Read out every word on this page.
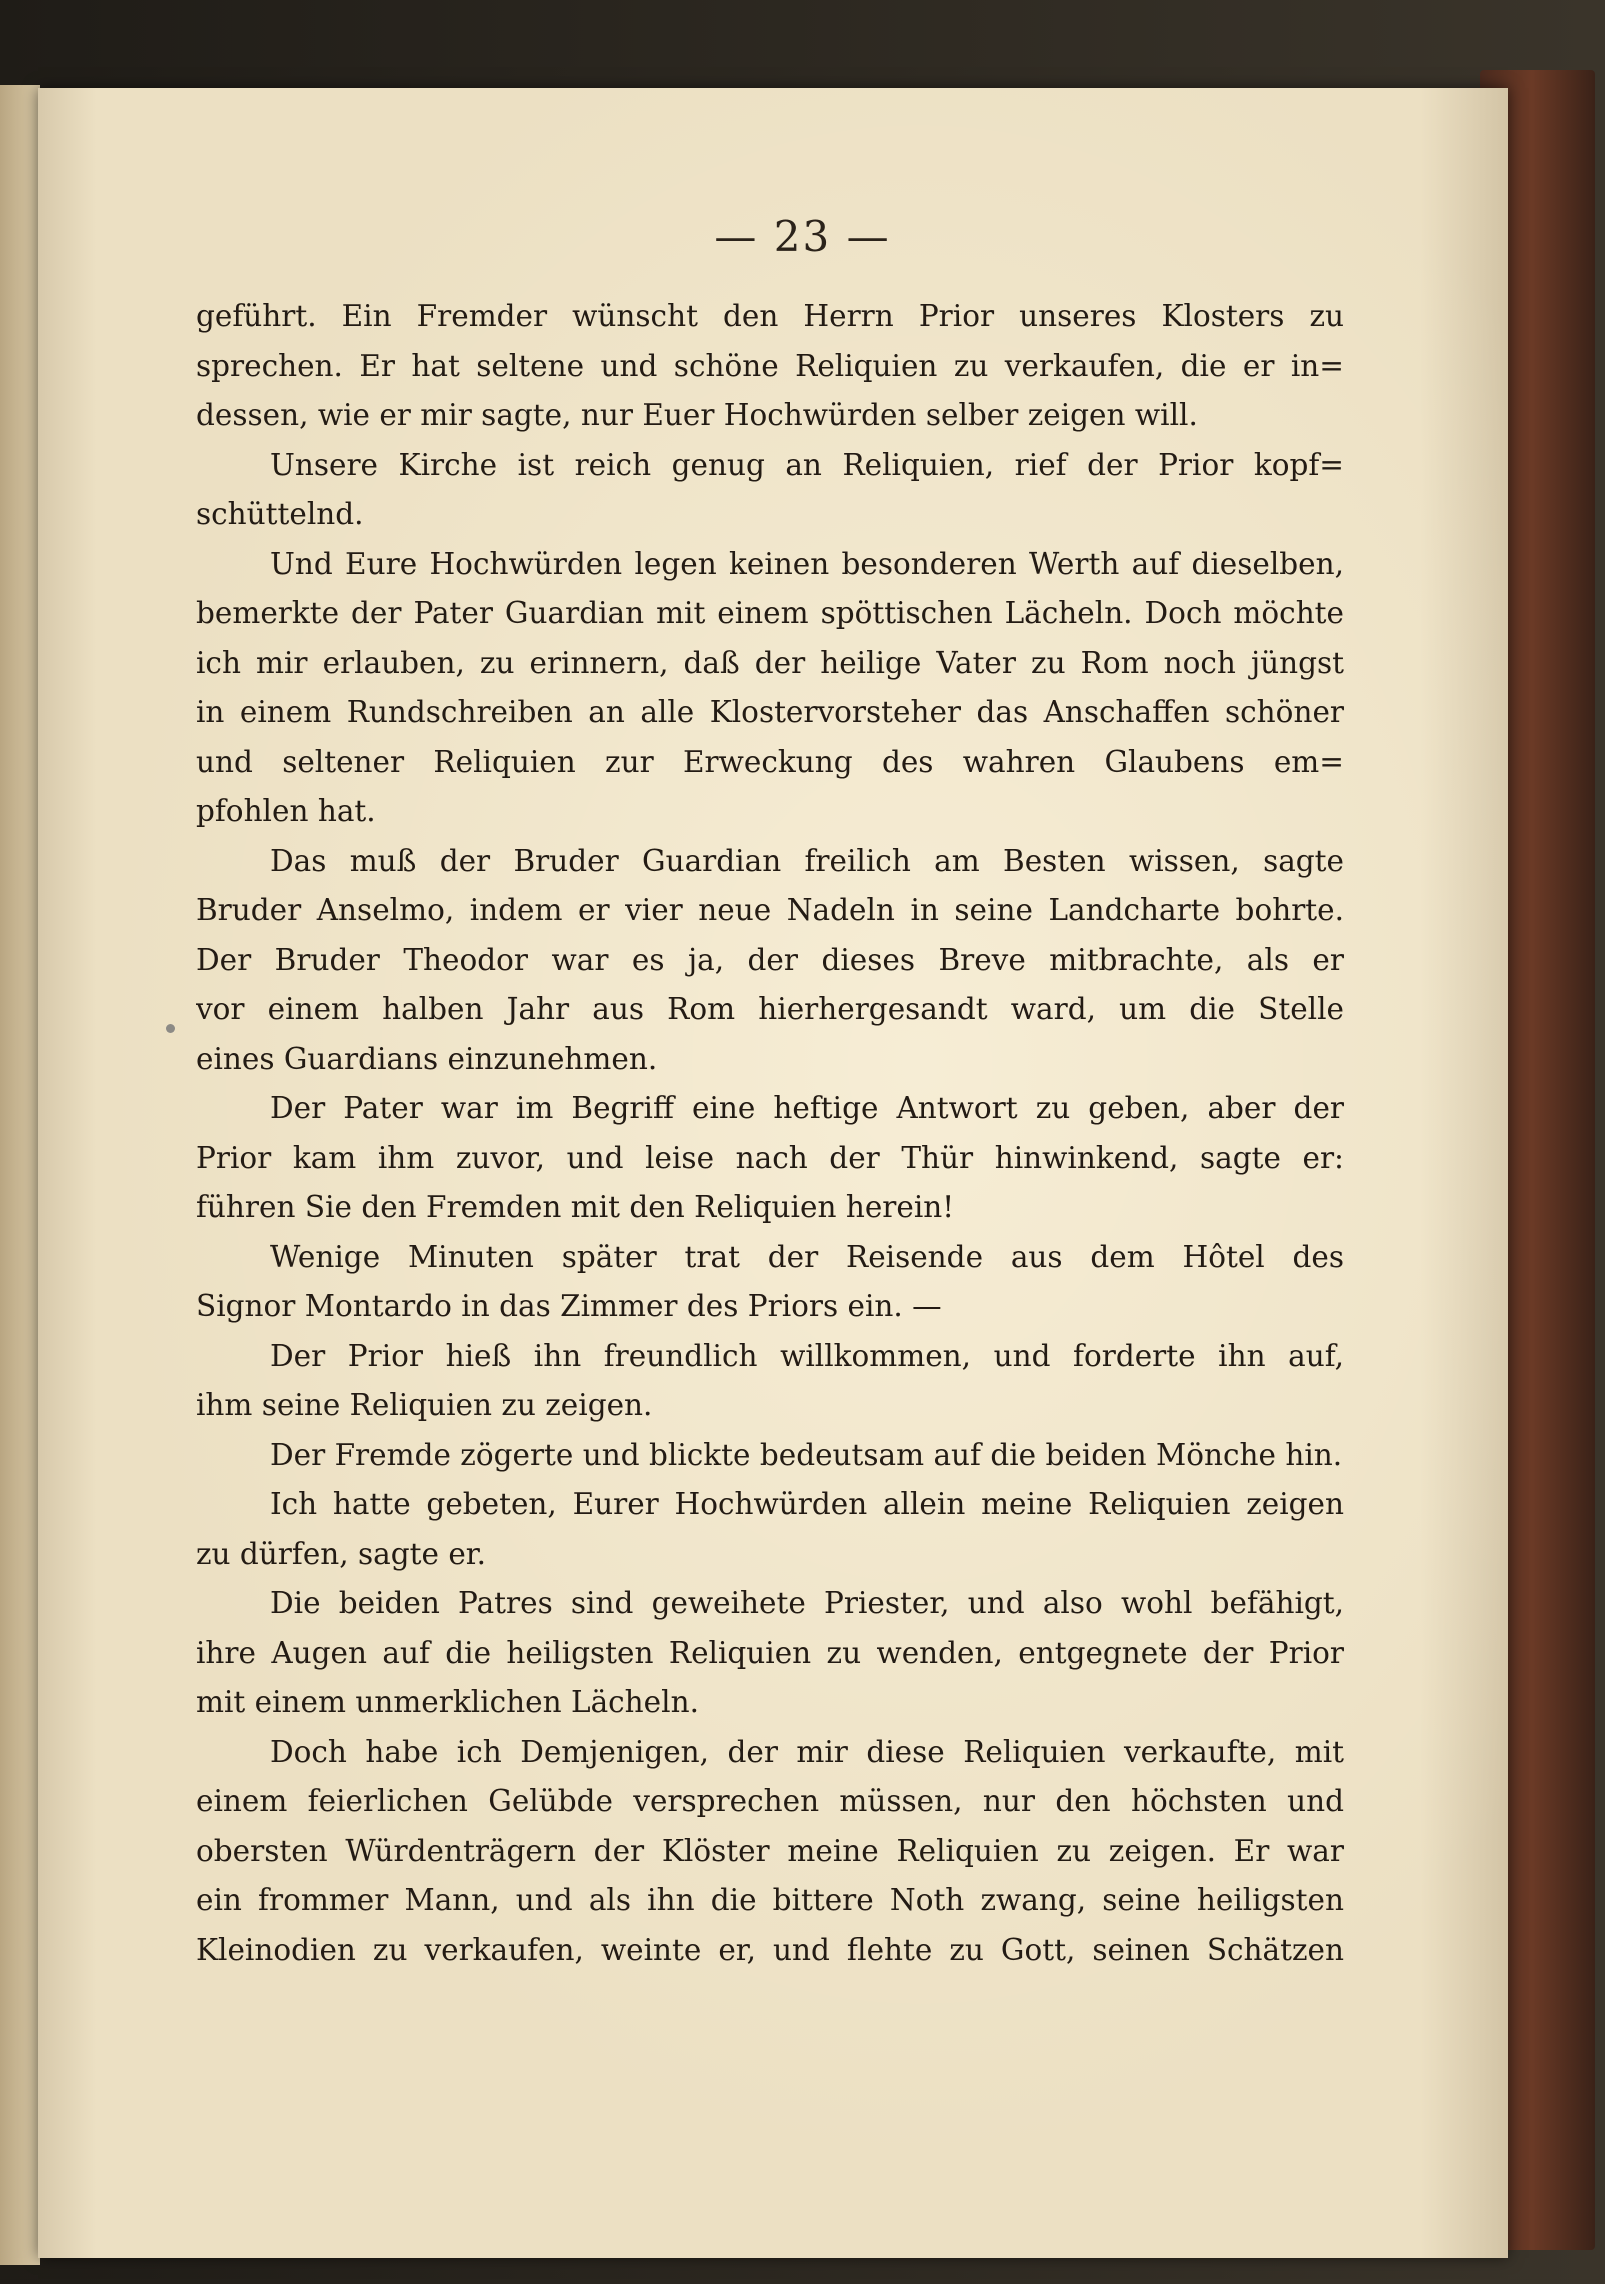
— 23 —
geführt. Ein Fremder wünscht den Herrn Prior unseres Klosters zu
sprechen. Er hat seltene und schöne Reliquien zu verkaufen, die er in=
dessen, wie er mir sagte, nur Euer Hochwürden selber zeigen will.
Unsere Kirche ist reich genug an Reliquien, rief der Prior kopf=
schüttelnd.
Und Eure Hochwürden legen keinen besonderen Werth auf dieselben,
bemerkte der Pater Guardian mit einem spöttischen Lächeln. Doch möchte
ich mir erlauben, zu erinnern, daß der heilige Vater zu Rom noch jüngst
in einem Rundschreiben an alle Klostervorsteher das Anschaffen schöner
und seltener Reliquien zur Erweckung des wahren Glaubens em=
pfohlen hat.
Das muß der Bruder Guardian freilich am Besten wissen, sagte
Bruder Anselmo, indem er vier neue Nadeln in seine Landcharte bohrte.
Der Bruder Theodor war es ja, der dieses Breve mitbrachte, als er
vor einem halben Jahr aus Rom hierhergesandt ward, um die Stelle
eines Guardians einzunehmen.
Der Pater war im Begriff eine heftige Antwort zu geben, aber der
Prior kam ihm zuvor, und leise nach der Thür hinwinkend, sagte er:
führen Sie den Fremden mit den Reliquien herein!
Wenige Minuten später trat der Reisende aus dem Hôtel des
Signor Montardo in das Zimmer des Priors ein. —
Der Prior hieß ihn freundlich willkommen, und forderte ihn auf,
ihm seine Reliquien zu zeigen.
Der Fremde zögerte und blickte bedeutsam auf die beiden Mönche hin.
Ich hatte gebeten, Eurer Hochwürden allein meine Reliquien zeigen
zu dürfen, sagte er.
Die beiden Patres sind geweihete Priester, und also wohl befähigt,
ihre Augen auf die heiligsten Reliquien zu wenden, entgegnete der Prior
mit einem unmerklichen Lächeln.
Doch habe ich Demjenigen, der mir diese Reliquien verkaufte, mit
einem feierlichen Gelübde versprechen müssen, nur den höchsten und
obersten Würdenträgern der Klöster meine Reliquien zu zeigen. Er war
ein frommer Mann, und als ihn die bittere Noth zwang, seine heiligsten
Kleinodien zu verkaufen, weinte er, und flehte zu Gott, seinen Schätzen
